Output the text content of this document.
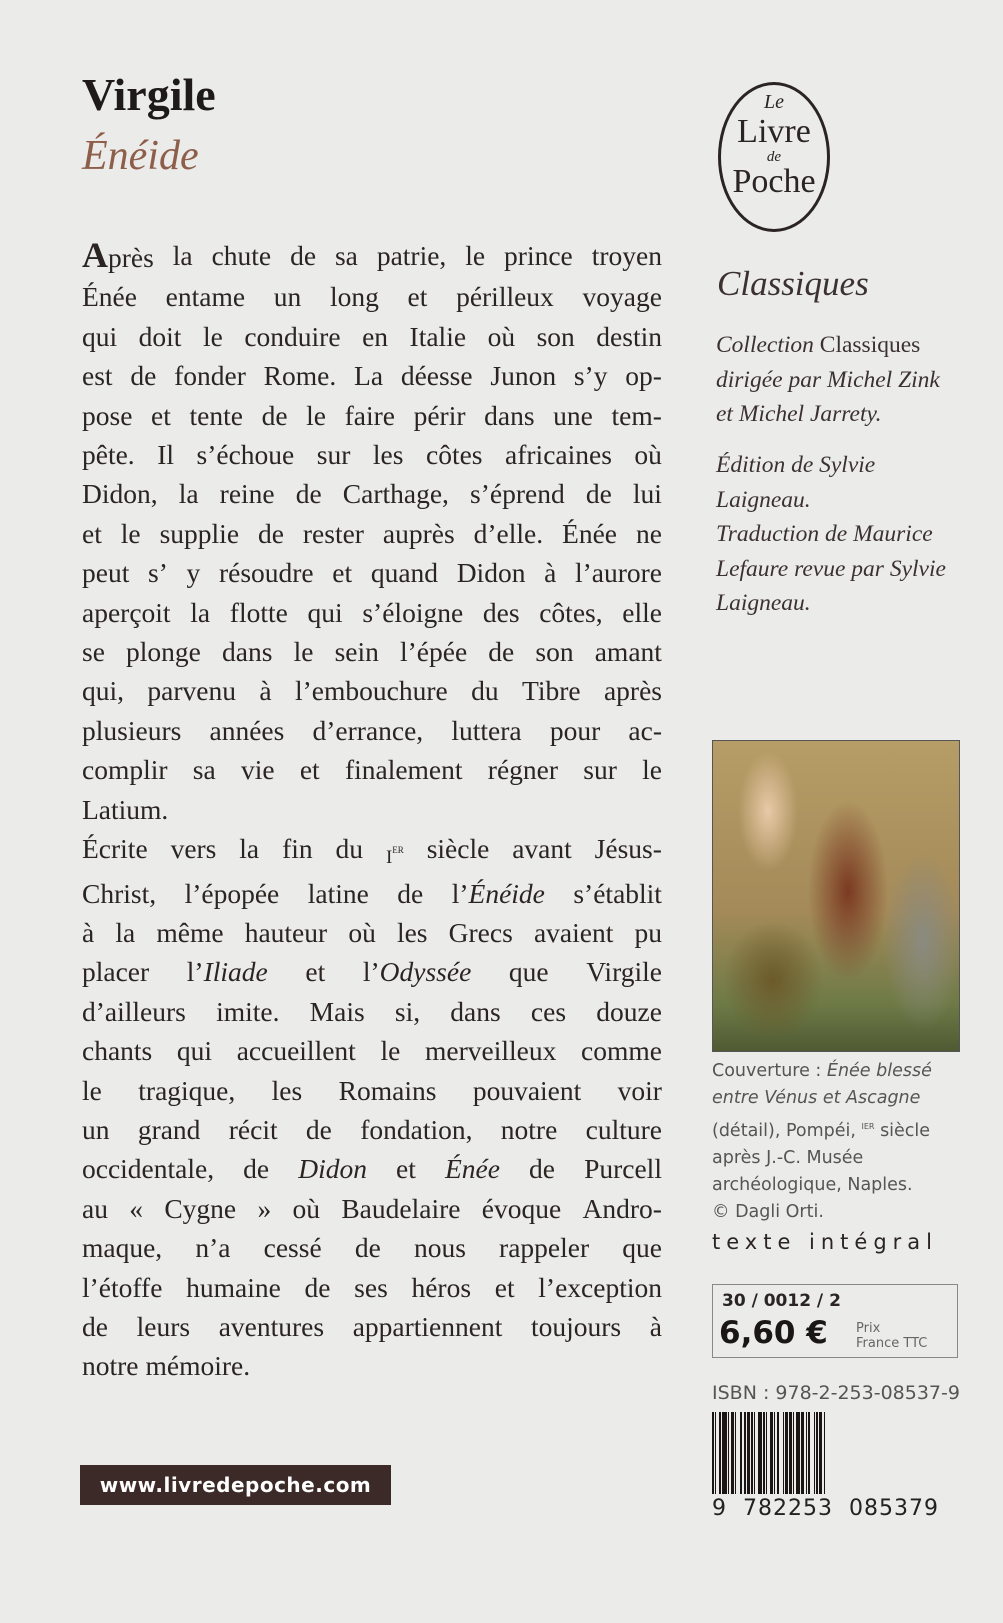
Virgile
Énéide
Après la chute de sa patrie, le prince troyen
Énée entame un long et périlleux voyage
qui doit le conduire en Italie où son destin
est de fonder Rome. La déesse Junon s’y op-
pose et tente de le faire périr dans une tem-
pête. Il s’échoue sur les côtes africaines où
Didon, la reine de Carthage, s’éprend de lui
et le supplie de rester auprès d’elle. Énée ne
peut s’ y résoudre et quand Didon à l’aurore
aperçoit la flotte qui s’éloigne des côtes, elle
se plonge dans le sein l’épée de son amant
qui, parvenu à l’embouchure du Tibre après
plusieurs années d’errance, luttera pour ac-
complir sa vie et finalement régner sur le
Latium.
Écrite vers la fin du $i^{er}$ siècle avant Jésus-
Christ, l’épopée latine de l’Énéide s’établit
à la même hauteur où les Grecs avaient pu
placer l’Iliade et l’Odyssée que Virgile
d’ailleurs imite. Mais si, dans ces douze
chants qui accueillent le merveilleux comme
le tragique, les Romains pouvaient voir
un grand récit de fondation, notre culture
occidentale, de Didon et Énée de Purcell
au « Cygne » où Baudelaire évoque Andro-
maque, n’a cessé de nous rappeler que
l’étoffe humaine de ses héros et l’exception
de leurs aventures appartiennent toujours à
notre mémoire.
Le
Livre
de
Poche
Classiques
Collection Classiques
dirigée par Michel Zink
et Michel Jarrety.
Édition de Sylvie
Laigneau.
Traduction de Maurice
Lefaure revue par Sylvie
Laigneau.
Couverture : Énée blessé
entre Vénus et Ascagne
(détail), Pompéi, $^{ier}$ siècle
après J.-C. Musée
archéologique, Naples.
© Dagli Orti.
texte intégral
30 / 0012 / 2
6,60 € Prix
France TTC
ISBN : 978-2-253-08537-9
9  782253  085379
www.livredepoche.com
